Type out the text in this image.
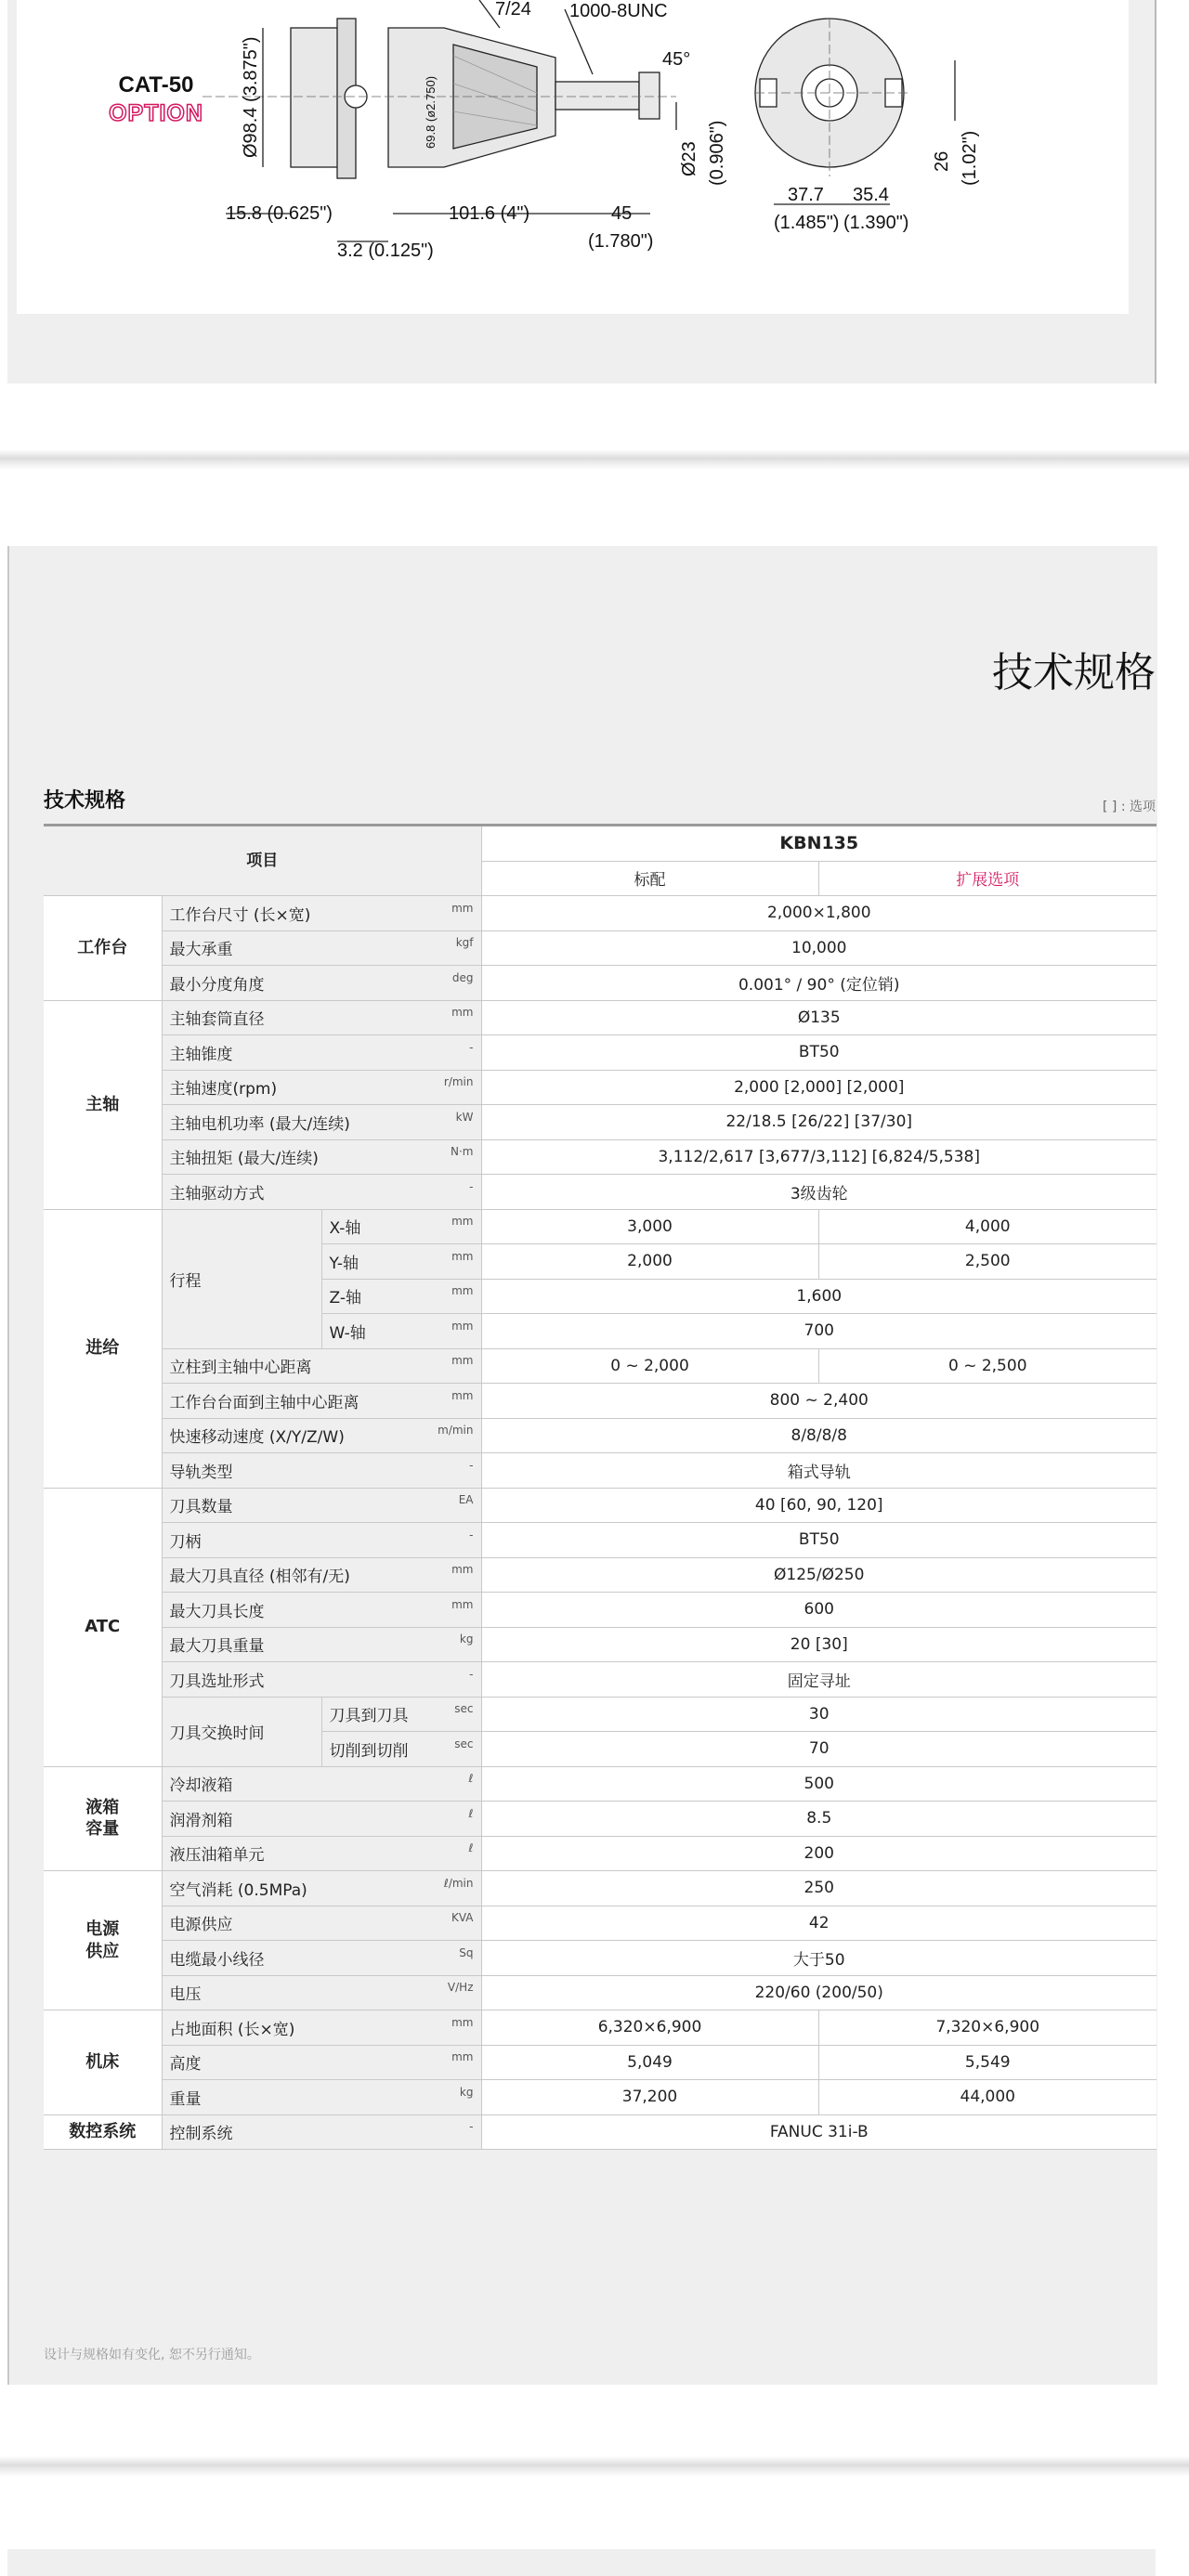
7/24 1000-8UNC
45°
Ø98.4 (3.875")	69.8 (ø2.750)
Ø23 (0.906")
15.8 (0.625")	101.6 (4")	45
(1.780")
3.2 (0.125")
37.7
(1.485")
35.4
(1.390")
26 (1.02")
CAT-50
OPTION
技术规格
技术规格	[ ] : 选项
项目			KBN135	
			标配	扩展选项
工作台	工作台尺寸 (长×宽) mm		2,000×1,800	

	最大承重 kgf		10,000	

	最小分度角度 deg		0.001° / 90° (定位销)	
主轴	主轴套筒直径 mm		Ø135	

	主轴锥度 -		BT50	

	主轴速度(rpm) r/min		2,000 [2,000] [2,000]	

	主轴电机功率 (最大/连续) kW		22/18.5 [26/22] [37/30]	

	主轴扭矩 (最大/连续) N·m		3,112/2,617 [3,677/3,112] [6,824/5,538]	

	主轴驱动方式 -		3级齿轮	
进给	行程	X-轴 mm	3,000	4,000

		Y-轴 mm	2,000	2,500

		Z-轴 mm	1,600	

		W-轴 mm	700	

	立柱到主轴中心距离 mm		0 ~ 2,000	0 ~ 2,500

	工作台台面到主轴中心距离 mm		800 ~ 2,400	

	快速移动速度 (X/Y/Z/W) m/min		8/8/8/8	

	导轨类型 -		箱式导轨	
ATC	刀具数量 EA		40 [60, 90, 120]	

	刀柄 -		BT50	

	最大刀具直径 (相邻有/无) mm		Ø125/Ø250	

	最大刀具长度 mm		600	

	最大刀具重量 kg		20 [30]	

	刀具选址形式 -		固定寻址	
	刀具交换时间	刀具到刀具 sec	30	

		切削到切削 sec	70	
液箱
容量	冷却液箱 ℓ		500	

	润滑剂箱 ℓ		8.5	

	液压油箱单元 ℓ		200	
电源
供应	空气消耗 (0.5MPa) ℓ/min		250	

	电源供应 KVA		42	

	电缆最小线径 Sq		大于50	

	电压 V/Hz		220/60 (200/50)	
机床	占地面积 (长×宽) mm		6,320×6,900	7,320×6,900

	高度 mm		5,049	5,549

	重量 kg		37,200	44,000
数控系统	控制系统 -		FANUC 31i-B	
设计与规格如有变化, 恕不另行通知。
